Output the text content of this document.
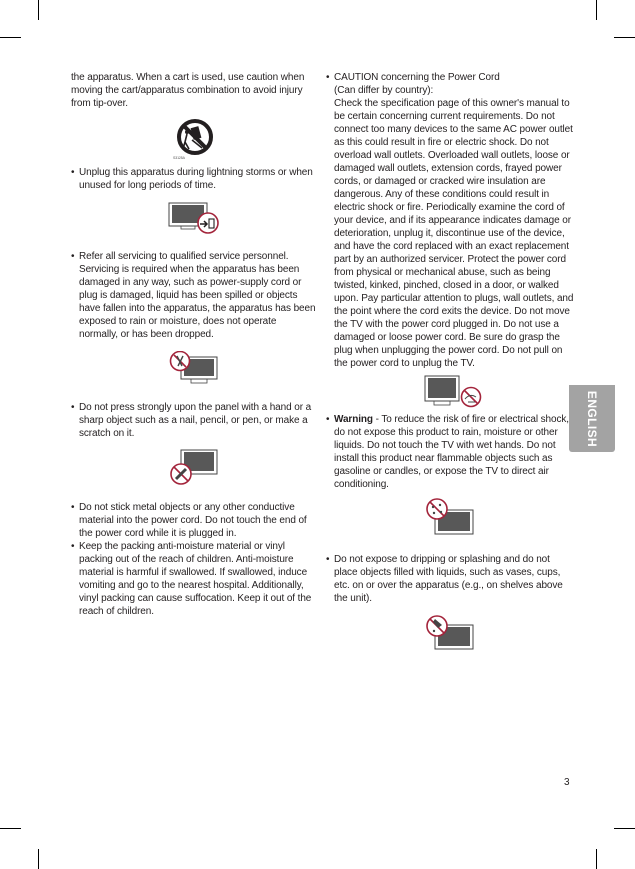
the apparatus. When a cart is used, use caution when moving the cart/apparatus combination to avoid injury from tip-over.

S3125A

• Unplug this apparatus during lightning storms or when unused for long periods of time.

• Refer all servicing to qualified service personnel. Servicing is required when the apparatus has been damaged in any way, such as power-supply cord or plug is damaged, liquid has been spilled or objects have fallen into the apparatus, the apparatus has been exposed to rain or moisture, does not operate normally, or has been dropped.

• Do not press strongly upon the panel with a hand or a sharp object such as a nail, pencil, or pen, or make a scratch on it.

• Do not stick metal objects or any other conductive material into the power cord. Do not touch the end of the power cord while it is plugged in.

• Keep the packing anti-moisture material or vinyl packing out of the reach of children. Anti-moisture material is harmful if swallowed. If swallowed, induce vomiting and go to the nearest hospital. Additionally, vinyl packing can cause suffocation. Keep it out of the reach of children.

• CAUTION concerning the Power Cord
(Can differ by country):
Check the specification page of this owner's manual to be certain concerning current requirements. Do not connect too many devices to the same AC power outlet as this could result in fire or electric shock. Do not overload wall outlets. Overloaded wall outlets, loose or damaged wall outlets, extension cords, frayed power cords, or damaged or cracked wire insulation are dangerous. Any of these conditions could result in electric shock or fire. Periodically examine the cord of your device, and if its appearance indicates damage or deterioration, unplug it, discontinue use of the device, and have the cord replaced with an exact replacement part by an authorized servicer. Protect the power cord from physical or mechanical abuse, such as being twisted, kinked, pinched, closed in a door, or walked upon. Pay particular attention to plugs, wall outlets, and the point where the cord exits the device. Do not move the TV with the power cord plugged in. Do not use a damaged or loose power cord. Be sure do grasp the plug when unplugging the power cord. Do not pull on the power cord to unplug the TV.

• Warning - To reduce the risk of fire or electrical shock, do not expose this product to rain, moisture or other liquids. Do not touch the TV with wet hands. Do not install this product near flammable objects such as gasoline or candles, or expose the TV to direct air conditioning.

• Do not expose to dripping or splashing and do not place objects filled with liquids, such as vases, cups, etc. on or over the apparatus (e.g., on shelves above the unit).

ENGLISH
3
